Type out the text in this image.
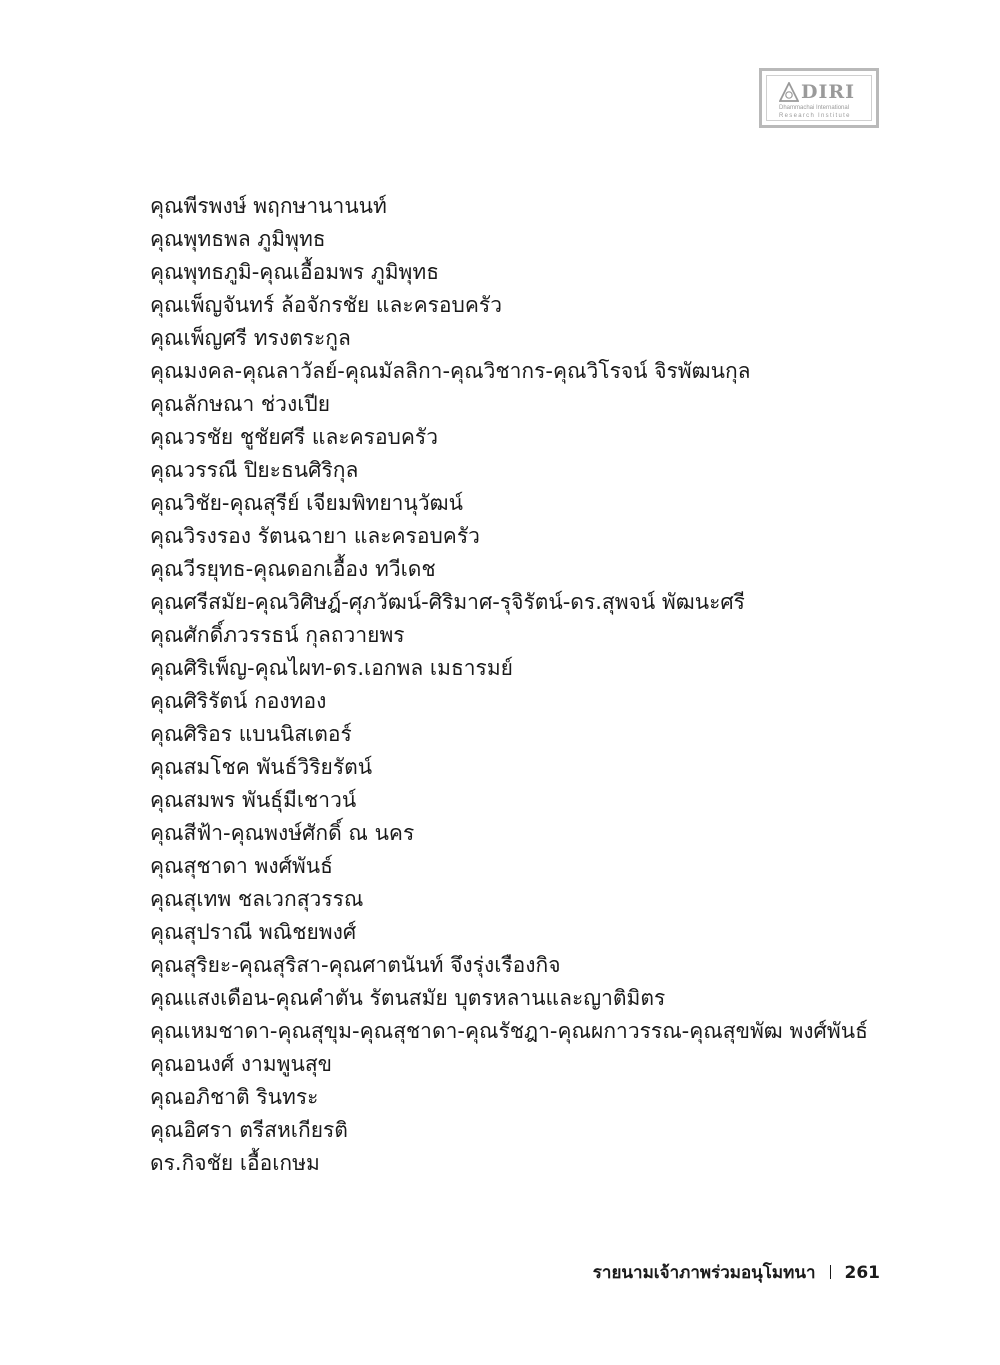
DIRI
Dhammachai International
Research Institute
คุณพีรพงษ์ พฤกษานานนท์
คุณพุทธพล ภูมิพุทธ
คุณพุทธภูมิ-คุณเอื้อมพร ภูมิพุทธ
คุณเพ็ญจันทร์ ล้อจักรชัย และครอบครัว
คุณเพ็ญศรี ทรงตระกูล
คุณมงคล-คุณลาวัลย์-คุณมัลลิกา-คุณวิชากร-คุณวิโรจน์ จิรพัฒนกุล
คุณลักษณา ช่วงเปีย
คุณวรชัย ชูชัยศรี และครอบครัว
คุณวรรณี ปิยะธนศิริกุล
คุณวิชัย-คุณสุรีย์ เจียมพิทยานุวัฒน์
คุณวิรงรอง รัตนฉายา และครอบครัว
คุณวีรยุทธ-คุณดอกเอื้อง ทวีเดช
คุณศรีสมัย-คุณวิศิษฎ์-ศุภวัฒน์-ศิริมาศ-รุจิรัตน์-ดร.สุพจน์ พัฒนะศรี
คุณศักดิ์ภวรรธน์ กุลถวายพร
คุณศิริเพ็ญ-คุณไผท-ดร.เอกพล เมธารมย์
คุณศิริรัตน์ กองทอง
คุณศิริอร แบนนิสเตอร์
คุณสมโชค พันธ์วิริยรัตน์
คุณสมพร พันธุ์มีเชาวน์
คุณสีฟ้า-คุณพงษ์ศักดิ์ ณ นคร
คุณสุชาดา พงศ์พันธ์
คุณสุเทพ ชลเวกสุวรรณ
คุณสุปราณี พณิชยพงศ์
คุณสุริยะ-คุณสุริสา-คุณศาตนันท์ จึงรุ่งเรืองกิจ
คุณแสงเดือน-คุณคำตัน รัตนสมัย บุตรหลานและญาติมิตร
คุณเหมชาดา-คุณสุขุม-คุณสุชาดา-คุณรัชฎา-คุณผกาวรรณ-คุณสุขพัฒ พงศ์พันธ์
คุณอนงศ์ งามพูนสุข
คุณอภิชาติ รินทระ
คุณอิศรา ตรีสหเกียรติ
ดร.กิจชัย เอื้อเกษม
รายนามเจ้าภาพร่วมอนุโมทนา 261
